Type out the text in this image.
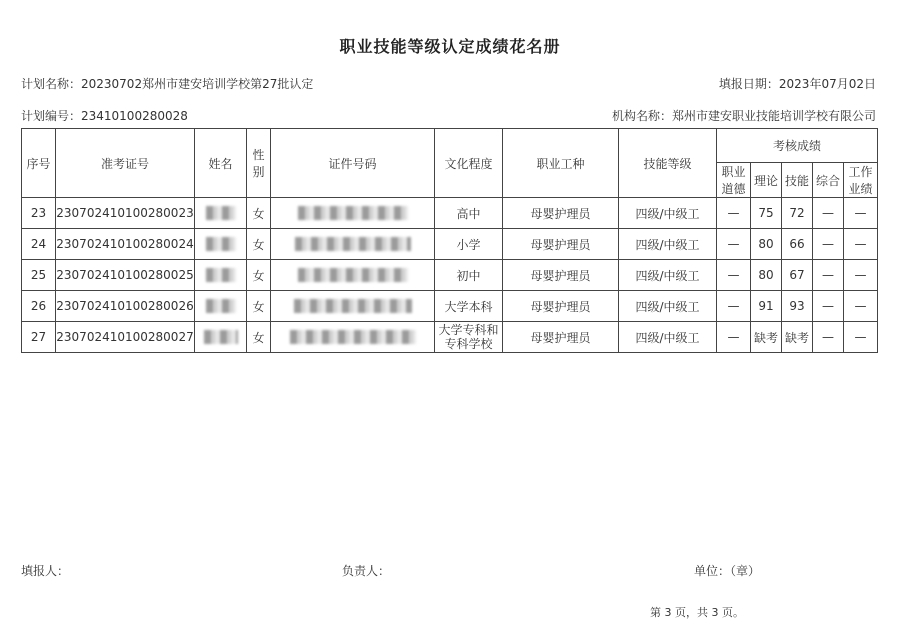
职业技能等级认定成绩花名册
计划名称：20230702郑州市建安培训学校第27批认定	填报日期：2023年07月02日
计划编号：23410100280028	机构名称：郑州市建安职业技能培训学校有限公司
序号	准考证号	姓名	性别	证件号码	文化程度	职业工种	技能等级	考核成绩				
								职业道德	理论	技能	综合	工作业绩
23	230702410100280023		女		高中	母婴护理员	四级/中级工	—	75	72	—	—
24	230702410100280024		女		小学	母婴护理员	四级/中级工	—	80	66	—	—
25	230702410100280025		女		初中	母婴护理员	四级/中级工	—	80	67	—	—
26	230702410100280026		女		大学本科	母婴护理员	四级/中级工	—	91	93	—	—
27	230702410100280027		女		大学专科和专科学校	母婴护理员	四级/中级工	—	缺考	缺考	—	—
填报人：	负责人：	单位：（章）
第 3 页，共 3 页。
